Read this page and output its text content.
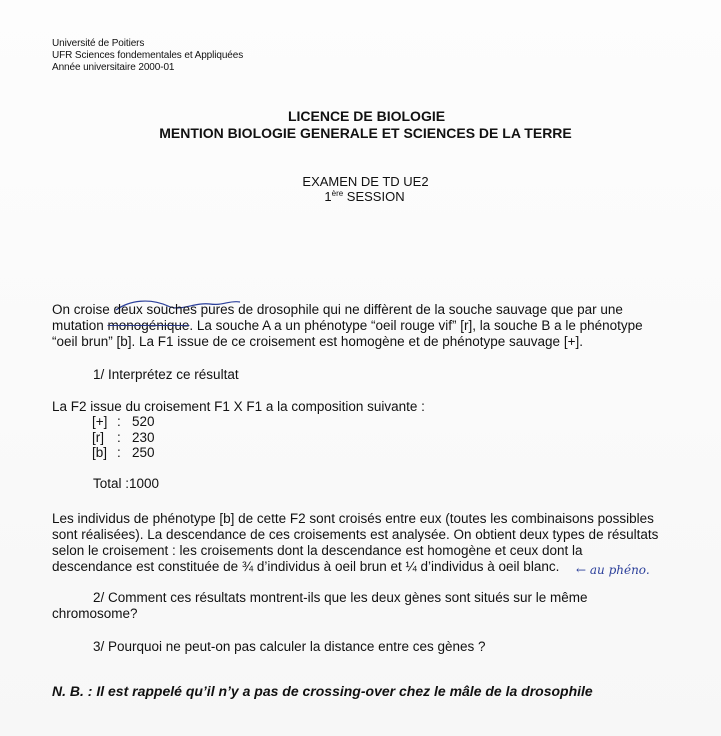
Université de Poitiers
UFR Sciences fondementales et Appliquées
Année universitaire 2000-01
LICENCE DE BIOLOGIE
MENTION BIOLOGIE GENERALE ET SCIENCES DE LA TERRE
EXAMEN DE TD UE2
1ère SESSION
On croise deux souches pures de drosophile qui ne diffèrent de la souche sauvage que par une
mutation monogénique. La souche A a un phénotype “oeil rouge vif” [r], la souche B a le phénotype
“oeil brun” [b]. La F1 issue de ce croisement est homogène et de phénotype sauvage [+].
1/ Interprétez ce résultat
La F2 issue du croisement F1 X F1 a la composition suivante :
[+] : 520
[r] : 230
[b] : 250
Total :1000
Les individus de phénotype [b] de cette F2 sont croisés entre eux (toutes les combinaisons possibles
sont réalisées). La descendance de ces croisements est analysée. On obtient deux types de résultats
selon le croisement : les croisements dont la descendance est homogène et ceux dont la
descendance est constituée de ¾ d’individus à oeil brun et ¼ d’individus à oeil blanc.	← au phéno.
2/ Comment ces résultats montrent-ils que les deux gènes sont situés sur le même
chromosome?
3/ Pourquoi ne peut-on pas calculer la distance entre ces gènes ?
N. B. : Il est rappelé qu’il n’y a pas de crossing-over chez le mâle de la drosophile
